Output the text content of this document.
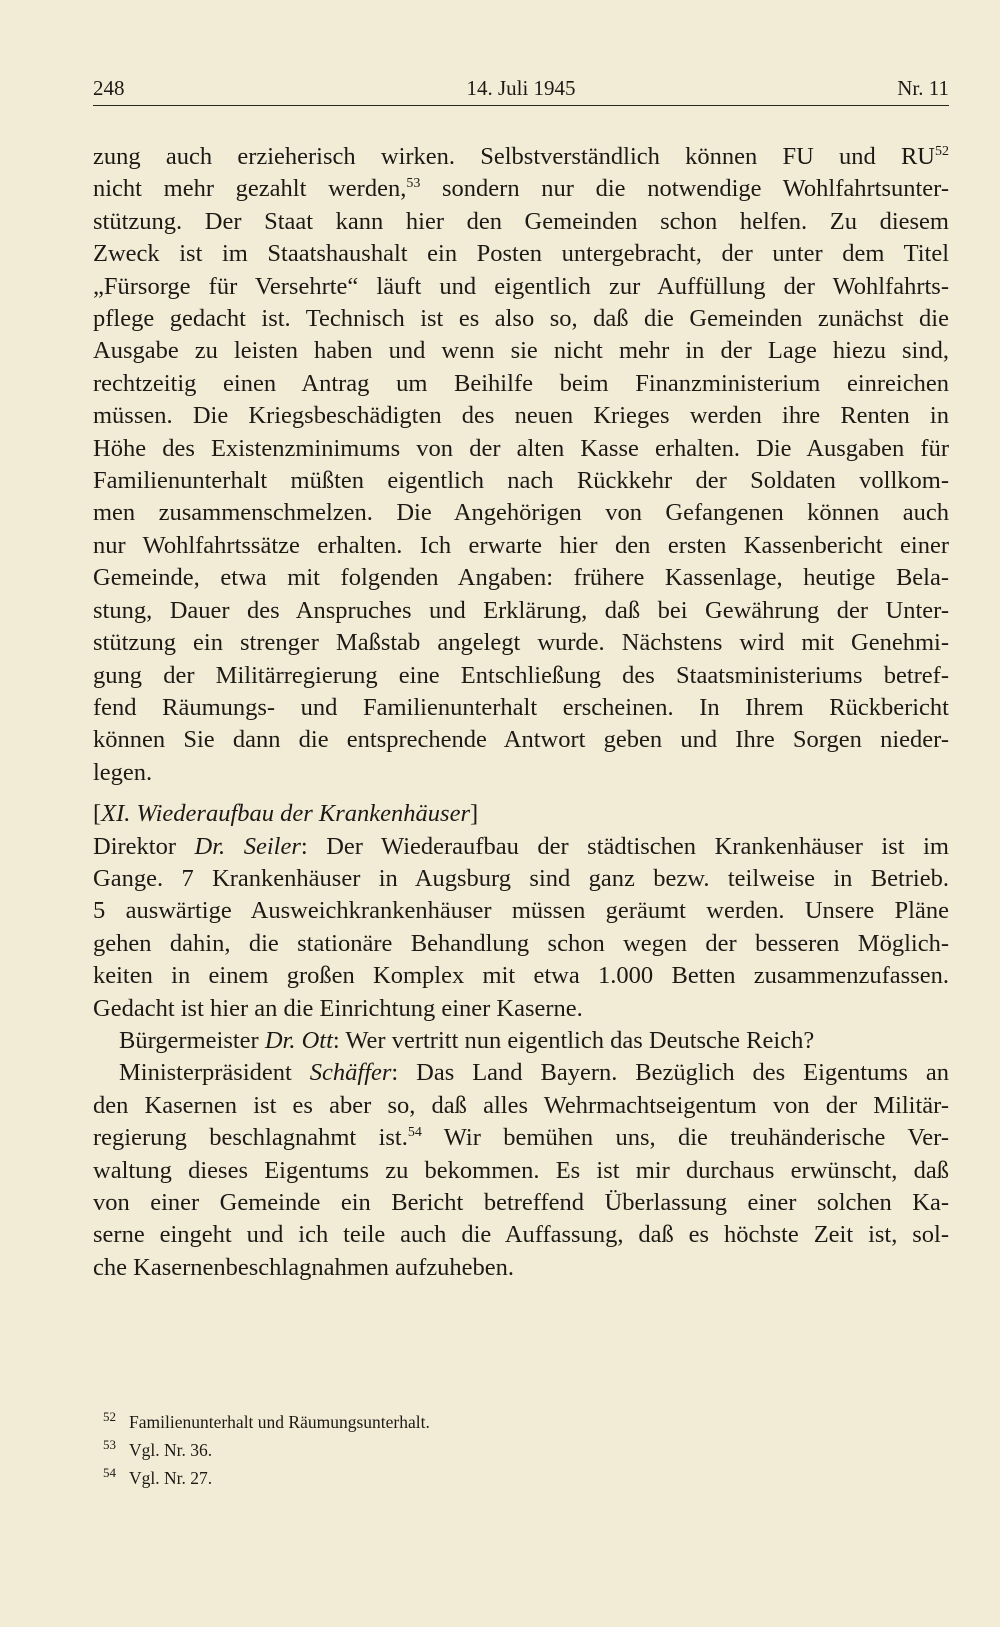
248	14. Juli 1945	Nr. 11

zung auch erzieherisch wirken. Selbstverständlich können FU und RU$^{52}$
nicht mehr gezahlt werden,$^{53}$ sondern nur die notwendige Wohlfahrtsunter-
stützung. Der Staat kann hier den Gemeinden schon helfen. Zu diesem
Zweck ist im Staatshaushalt ein Posten untergebracht, der unter dem Titel
„Fürsorge für Versehrte“ läuft und eigentlich zur Auffüllung der Wohlfahrts-
pflege gedacht ist. Technisch ist es also so, daß die Gemeinden zunächst die
Ausgabe zu leisten haben und wenn sie nicht mehr in der Lage hiezu sind,
rechtzeitig einen Antrag um Beihilfe beim Finanzministerium einreichen
müssen. Die Kriegsbeschädigten des neuen Krieges werden ihre Renten in
Höhe des Existenzminimums von der alten Kasse erhalten. Die Ausgaben für
Familienunterhalt müßten eigentlich nach Rückkehr der Soldaten vollkom-
men zusammenschmelzen. Die Angehörigen von Gefangenen können auch
nur Wohlfahrtssätze erhalten. Ich erwarte hier den ersten Kassenbericht einer
Gemeinde, etwa mit folgenden Angaben: frühere Kassenlage, heutige Bela-
stung, Dauer des Anspruches und Erklärung, daß bei Gewährung der Unter-
stützung ein strenger Maßstab angelegt wurde. Nächstens wird mit Genehmi-
gung der Militärregierung eine Entschließung des Staatsministeriums betref-
fend Räumungs- und Familienunterhalt erscheinen. In Ihrem Rückbericht
können Sie dann die entsprechende Antwort geben und Ihre Sorgen nieder-
legen.

[XI. Wiederaufbau der Krankenhäuser]

Direktor Dr. Seiler: Der Wiederaufbau der städtischen Krankenhäuser ist im
Gange. 7 Krankenhäuser in Augsburg sind ganz bezw. teilweise in Betrieb.
5 auswärtige Ausweichkrankenhäuser müssen geräumt werden. Unsere Pläne
gehen dahin, die stationäre Behandlung schon wegen der besseren Möglich-
keiten in einem großen Komplex mit etwa 1.000 Betten zusammenzufassen.
Gedacht ist hier an die Einrichtung einer Kaserne.

Bürgermeister Dr. Ott: Wer vertritt nun eigentlich das Deutsche Reich?

Ministerpräsident Schäffer: Das Land Bayern. Bezüglich des Eigentums an
den Kasernen ist es aber so, daß alles Wehrmachtseigentum von der Militär-
regierung beschlagnahmt ist.$^{54}$ Wir bemühen uns, die treuhänderische Ver-
waltung dieses Eigentums zu bekommen. Es ist mir durchaus erwünscht, daß
von einer Gemeinde ein Bericht betreffend Überlassung einer solchen Ka-
serne eingeht und ich teile auch die Auffassung, daß es höchste Zeit ist, sol-
che Kasernenbeschlagnahmen aufzuheben.

52 Familienunterhalt und Räumungsunterhalt.
53 Vgl. Nr. 36.
54 Vgl. Nr. 27.
